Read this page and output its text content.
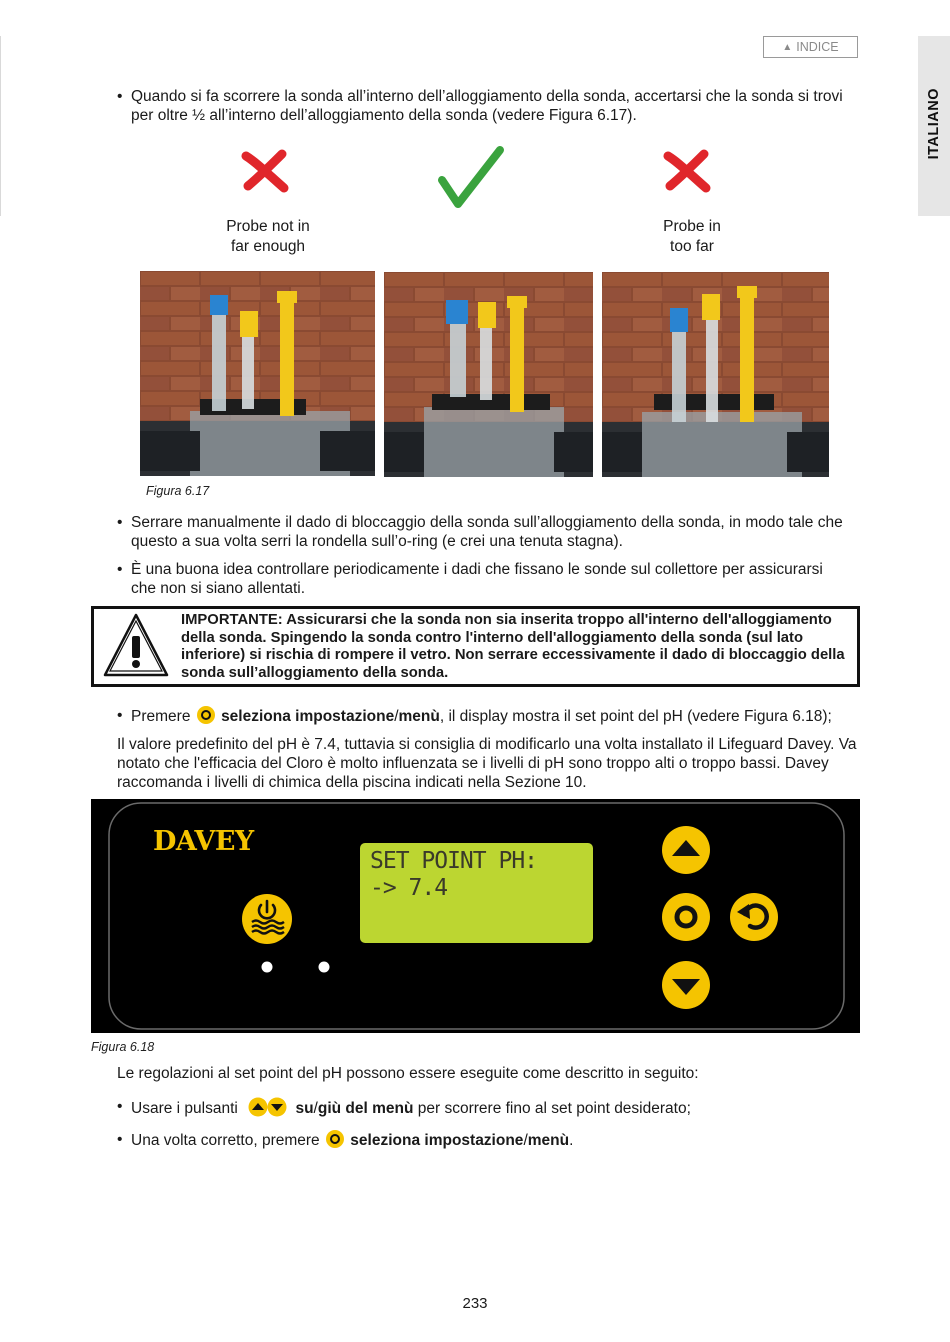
▲ INDICE
ITALIANO
• Quando si fa scorrere la sonda all’interno dell’alloggiamento della sonda, accertarsi che la sonda si trovi per oltre ½ all’interno dell’alloggiamento della sonda (vedere Figura 6.17).
Probe not in
far enough
Probe in
too far
Figura 6.17
• Serrare manualmente il dado di bloccaggio della sonda sull’alloggiamento della sonda, in modo tale che questo a sua volta serri la rondella sull’o-ring (e crei una tenuta stagna).
• È una buona idea controllare periodicamente i dadi che fissano le sonde sul collettore per assicurarsi che non si siano allentati.
IMPORTANTE: Assicurarsi che la sonda non sia inserita troppo all'interno dell'alloggiamento della sonda. Spingendo la sonda contro l'interno dell'alloggiamento della sonda (sul lato inferiore) si rischia di rompere il vetro. Non serrare eccessivamente il dado di bloccaggio della sonda sull’alloggiamento della sonda.
• Premere seleziona impostazione/menù, il display mostra il set point del pH (vedere Figura 6.18);
Il valore predefinito del pH è 7.4, tuttavia si consiglia di modificarlo una volta installato il Lifeguard Davey. Va notato che l'efficacia del Cloro è molto influenzata se i livelli di pH sono troppo alti o troppo bassi. Davey raccomanda i livelli di chimica della piscina indicati nella Sezione 10.
DAVEY
SET POINT PH:
-> 7.4
Figura 6.18
Le regolazioni al set point del pH possono essere eseguite come descritto in seguito:
• Usare i pulsanti	su/giù del menù per scorrere fino al set point desiderato;
• Una volta corretto, premere seleziona impostazione/menù.
233
